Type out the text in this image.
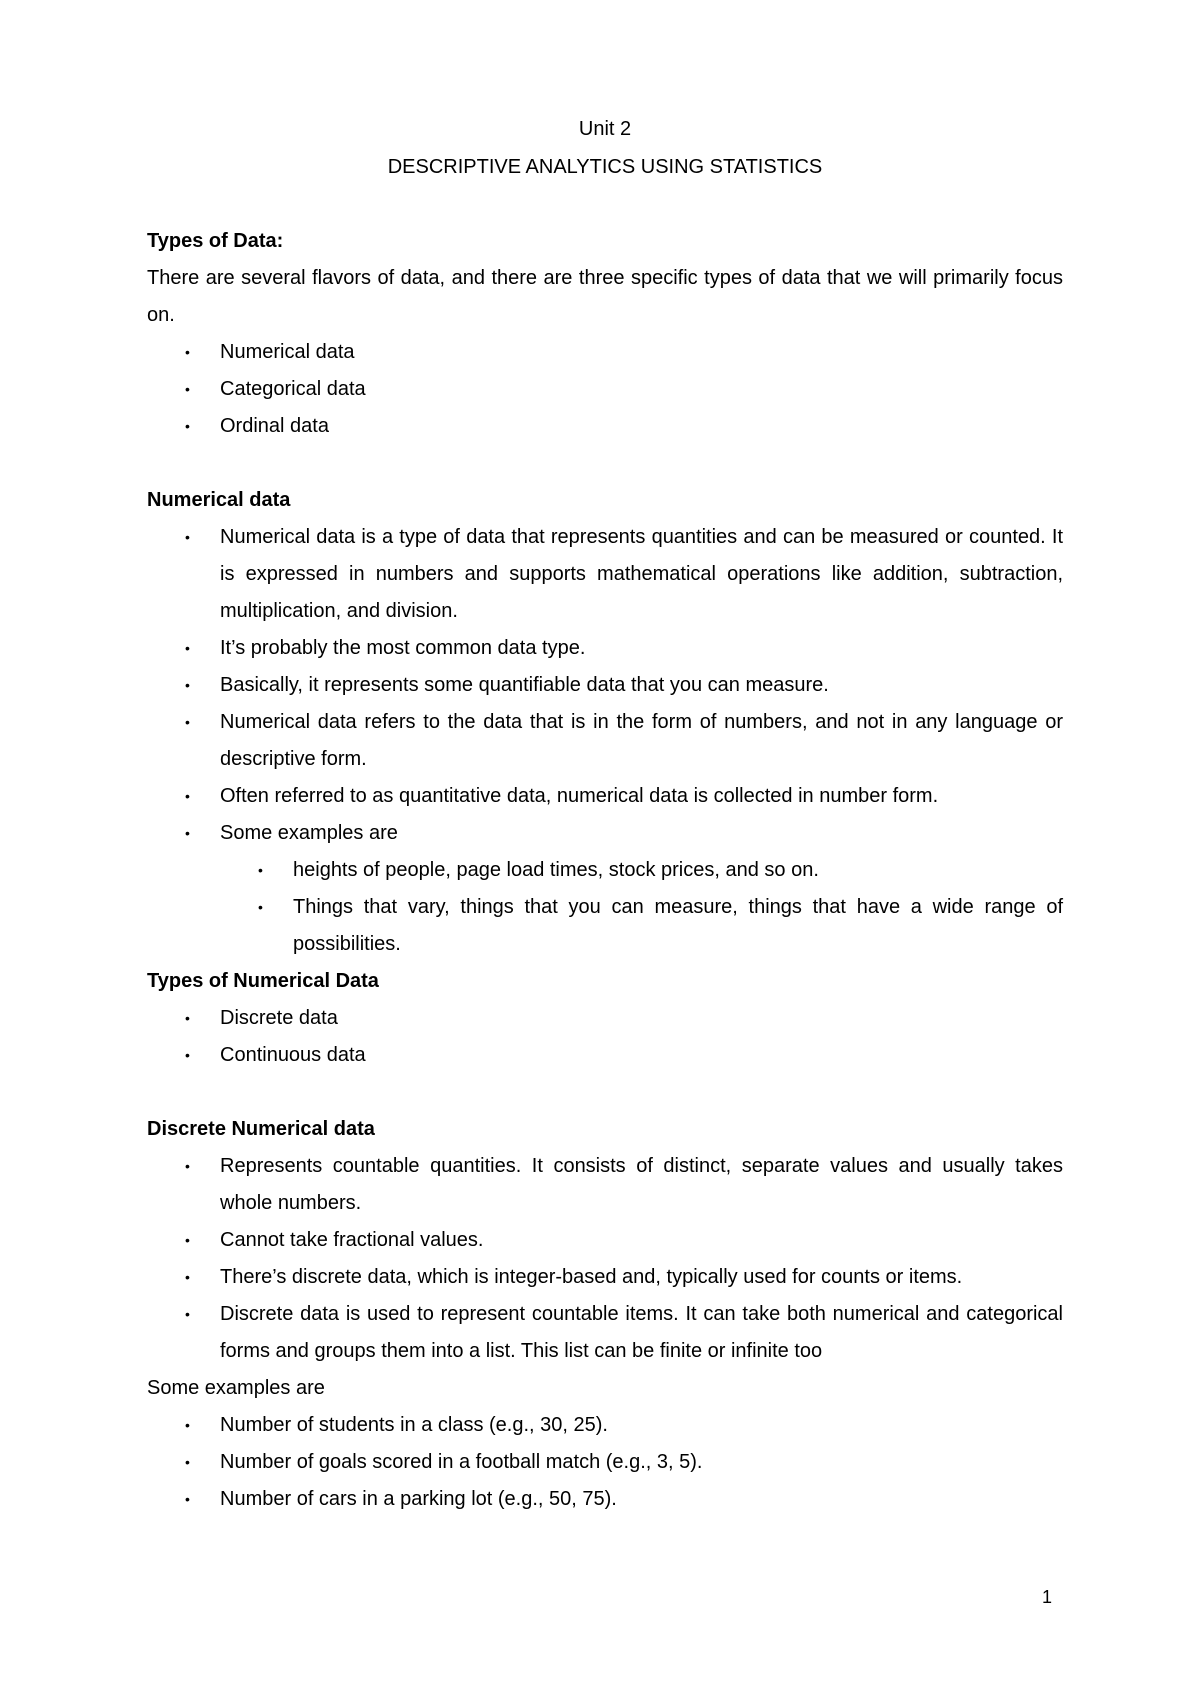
Unit 2
DESCRIPTIVE ANALYTICS USING STATISTICS

Types of Data:

There are several flavors of data, and there are three specific types of data that we will primarily focus on.

• Numerical data
• Categorical data
• Ordinal data

Numerical data

• Numerical data is a type of data that represents quantities and can be measured or counted. It is expressed in numbers and supports mathematical operations like addition, subtraction, multiplication, and division.
• It’s probably the most common data type.
• Basically, it represents some quantifiable data that you can measure.
• Numerical data refers to the data that is in the form of numbers, and not in any language or descriptive form.
• Often referred to as quantitative data, numerical data is collected in number form.
• Some examples are
• heights of people, page load times, stock prices, and so on.
• Things that vary, things that you can measure, things that have a wide range of possibilities.

Types of Numerical Data

• Discrete data
• Continuous data

Discrete Numerical data

• Represents countable quantities. It consists of distinct, separate values and usually takes whole numbers.
• Cannot take fractional values.
• There’s discrete data, which is integer-based and, typically used for counts or items.
• Discrete data is used to represent countable items. It can take both numerical and categorical forms and groups them into a list. This list can be finite or infinite too

Some examples are

• Number of students in a class (e.g., 30, 25).
• Number of goals scored in a football match (e.g., 3, 5).
• Number of cars in a parking lot (e.g., 50, 75).
1
